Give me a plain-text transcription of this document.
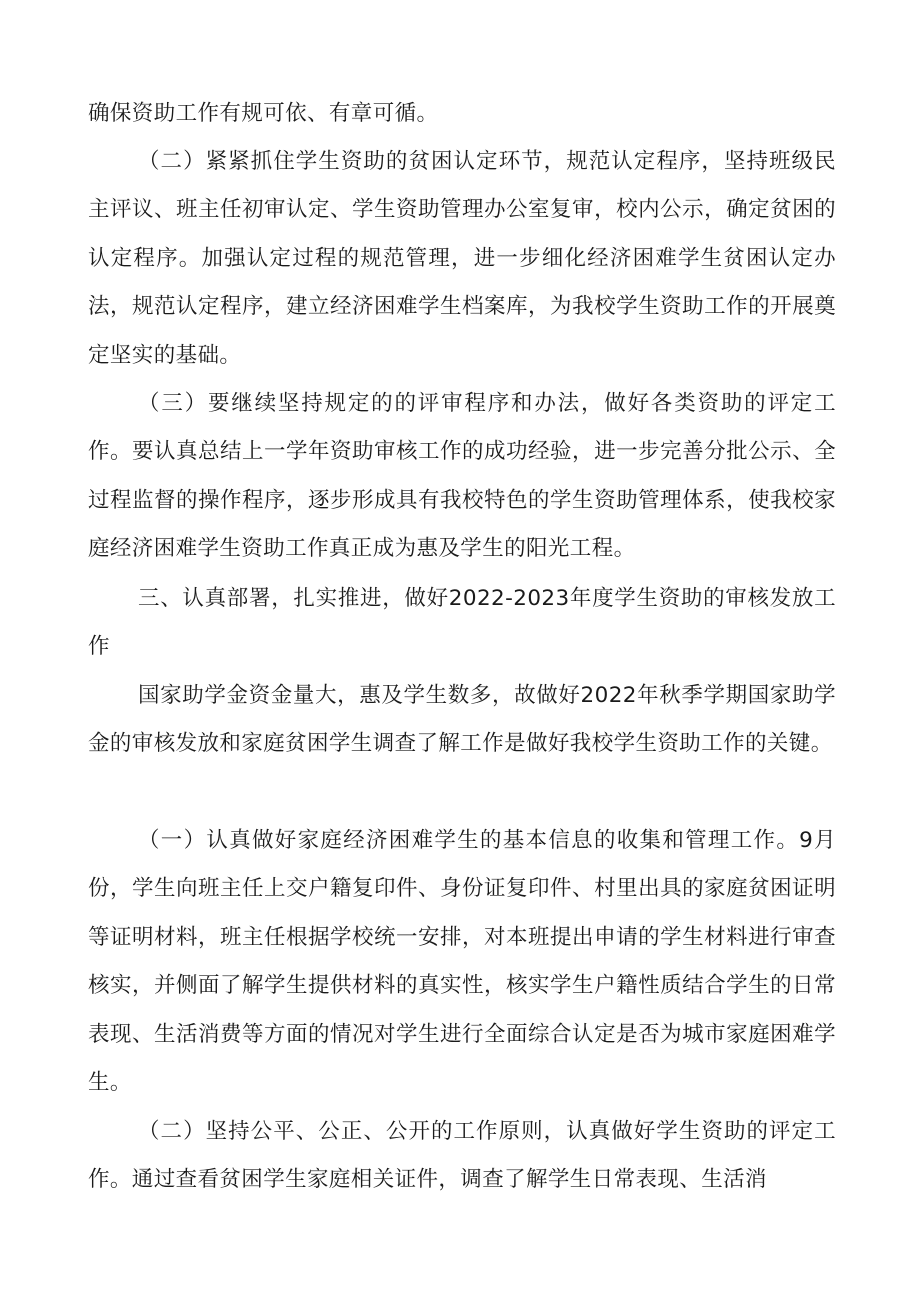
确保资助工作有规可依、有章可循。

（二）紧紧抓住学生资助的贫困认定环节，规范认定程序，坚持班级民主评议、班主任初审认定、学生资助管理办公室复审，校内公示，确定贫困的认定程序。加强认定过程的规范管理，进一步细化经济困难学生贫困认定办法，规范认定程序，建立经济困难学生档案库，为我校学生资助工作的开展奠定坚实的基础。

（三）要继续坚持规定的的评审程序和办法，做好各类资助的评定工作。要认真总结上一学年资助审核工作的成功经验，进一步完善分批公示、全过程监督的操作程序，逐步形成具有我校特色的学生资助管理体系，使我校家庭经济困难学生资助工作真正成为惠及学生的阳光工程。

三、认真部署，扎实推进，做好2022-2023年度学生资助的审核发放工作

国家助学金资金量大，惠及学生数多，故做好2022年秋季学期国家助学金的审核发放和家庭贫困学生调查了解工作是做好我校学生资助工作的关键。

（一）认真做好家庭经济困难学生的基本信息的收集和管理工作。9月份，学生向班主任上交户籍复印件、身份证复印件、村里出具的家庭贫困证明等证明材料，班主任根据学校统一安排，对本班提出申请的学生材料进行审查核实，并侧面了解学生提供材料的真实性，核实学生户籍性质结合学生的日常表现、生活消费等方面的情况对学生进行全面综合认定是否为城市家庭困难学生。

（二）坚持公平、公正、公开的工作原则，认真做好学生资助的评定工作。通过查看贫困学生家庭相关证件，调查了解学生日常表现、生活消
